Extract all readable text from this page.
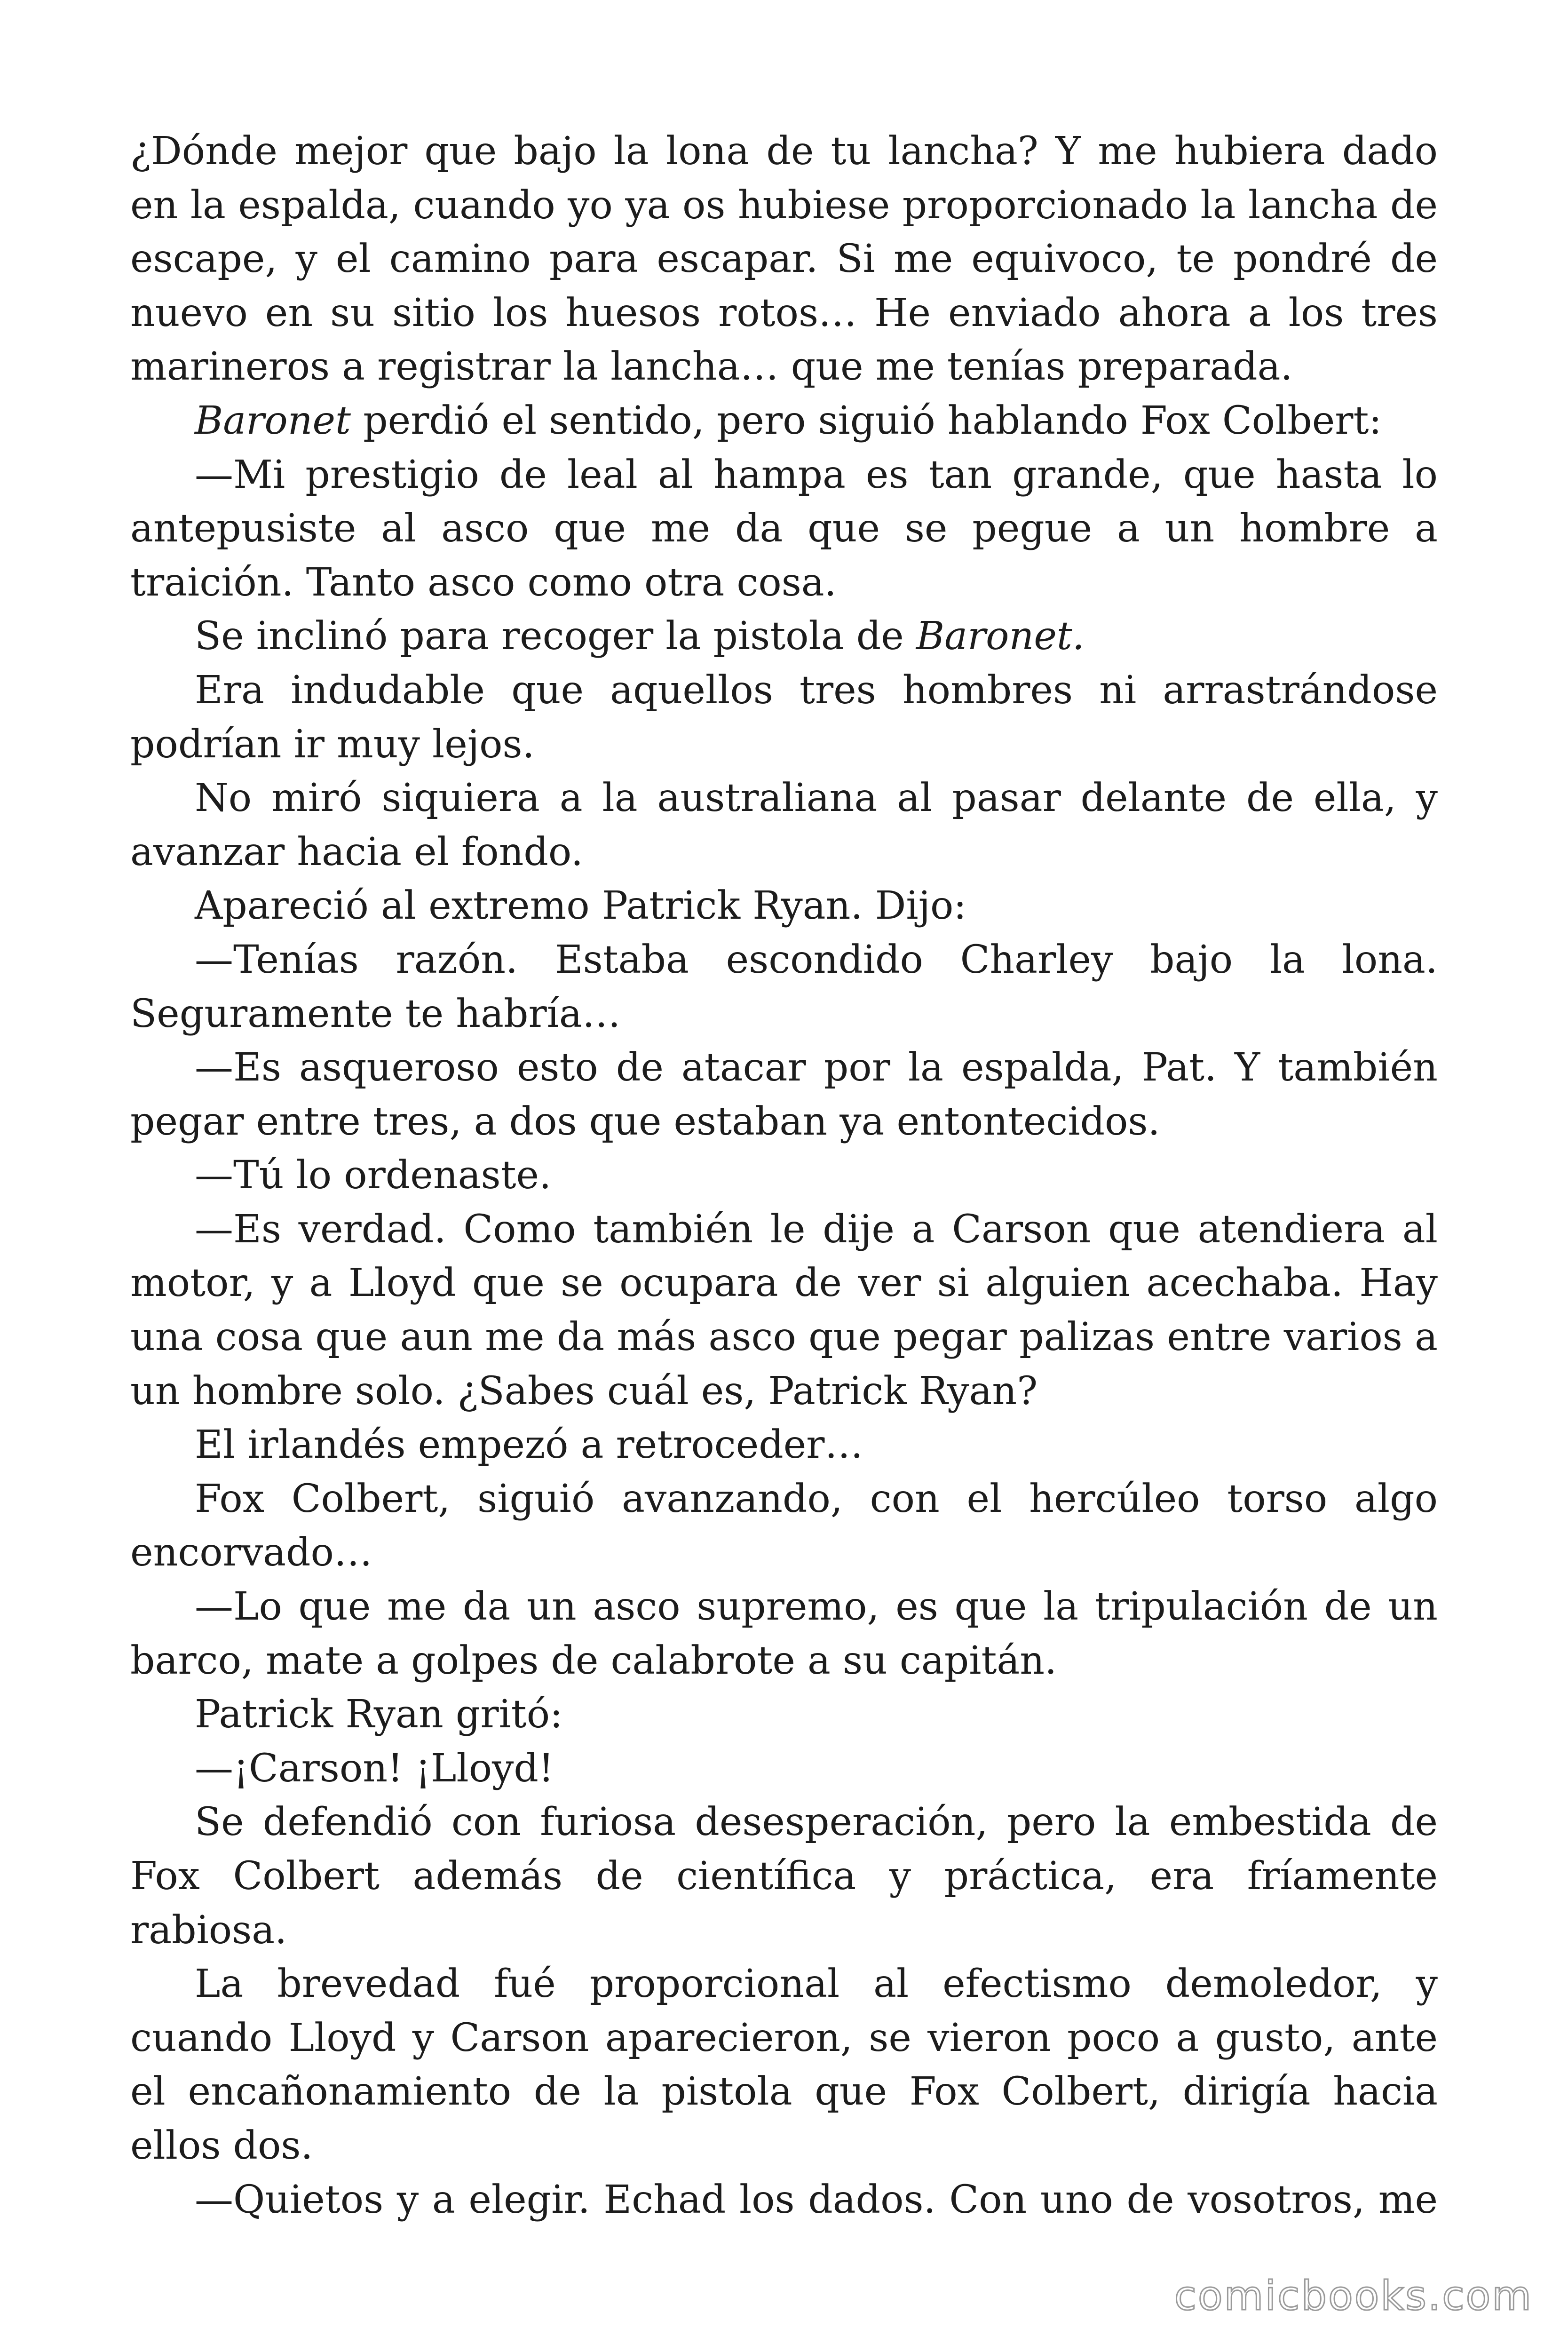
¿Dónde mejor que bajo la lona de tu lancha? Y me hubiera dado en la espalda, cuando yo ya os hubiese proporcionado la lancha de escape, y el camino para escapar. Si me equivoco, te pondré de nuevo en su sitio los huesos rotos… He enviado ahora a los tres marineros a registrar la lancha… que me tenías preparada.

Baronet perdió el sentido, pero siguió hablando Fox Colbert:

—Mi prestigio de leal al hampa es tan grande, que hasta lo antepusiste al asco que me da que se pegue a un hombre a traición. Tanto asco como otra cosa.

Se inclinó para recoger la pistola de Baronet.

Era indudable que aquellos tres hombres ni arrastrándose podrían ir muy lejos.

No miró siquiera a la australiana al pasar delante de ella, y avanzar hacia el fondo.

Apareció al extremo Patrick Ryan. Dijo:

—Tenías razón. Estaba escondido Charley bajo la lona. Seguramente te habría…

—Es asqueroso esto de atacar por la espalda, Pat. Y también pegar entre tres, a dos que estaban ya entontecidos.

—Tú lo ordenaste.

—Es verdad. Como también le dije a Carson que atendiera al motor, y a Lloyd que se ocupara de ver si alguien acechaba. Hay una cosa que aun me da más asco que pegar palizas entre varios a un hombre solo. ¿Sabes cuál es, Patrick Ryan?

El irlandés empezó a retroceder…

Fox Colbert, siguió avanzando, con el hercúleo torso algo encorvado…

—Lo que me da un asco supremo, es que la tripulación de un barco, mate a golpes de calabrote a su capitán.

Patrick Ryan gritó:

—¡Carson! ¡Lloyd!

Se defendió con furiosa desesperación, pero la embestida de Fox Colbert además de científica y práctica, era fríamente rabiosa.

La brevedad fué proporcional al efectismo demoledor, y cuando Lloyd y Carson aparecieron, se vieron poco a gusto, ante el encañonamiento de la pistola que Fox Colbert, dirigía hacia ellos dos.

—Quietos y a elegir. Echad los dados. Con uno de vosotros, me

comicbooks.com
